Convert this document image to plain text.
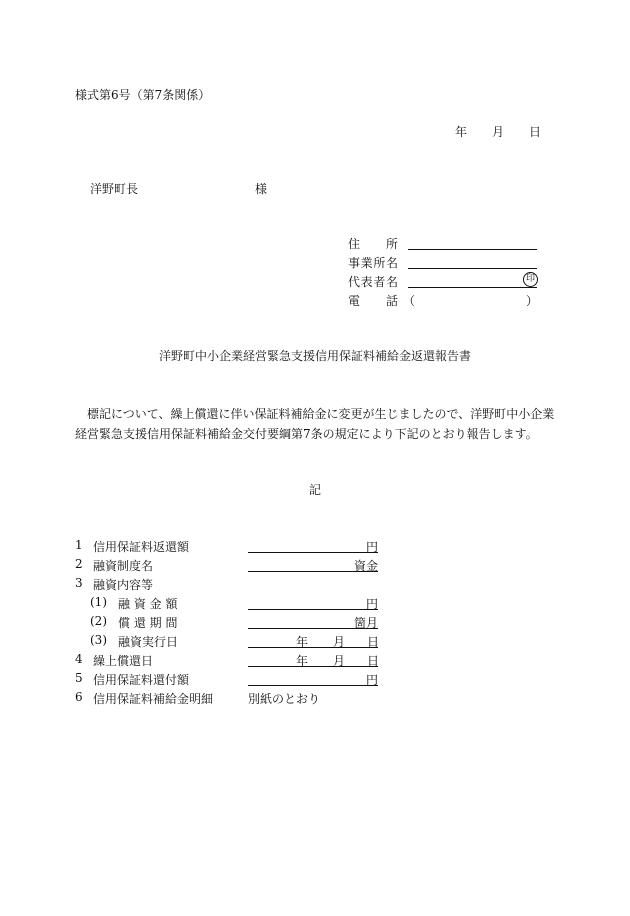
様式第6号（第7条関係）
年 月 日
洋野町長	様
住　所
事業所名
代表者名	印
電　話 （	）
洋野町中小企業経営緊急支援信用保証料補給金返還報告書
　標記について、繰上償還に伴い保証料補給金に変更が生じましたので、洋野町中小企業経営緊急支援信用保証料補給金交付要綱第7条の規定により下記のとおり報告します。
記
1 信用保証料返還額	円
2 融資制度名	資金
3 融資内容等
(1) 融 資 金 額	円
(2) 償 還 期 間	箇月
(3) 融資実行日	年 月 日
4 繰上償還日	年 月 日
5 信用保証料還付額	円
6 信用保証料補給金明細	別紙のとおり
